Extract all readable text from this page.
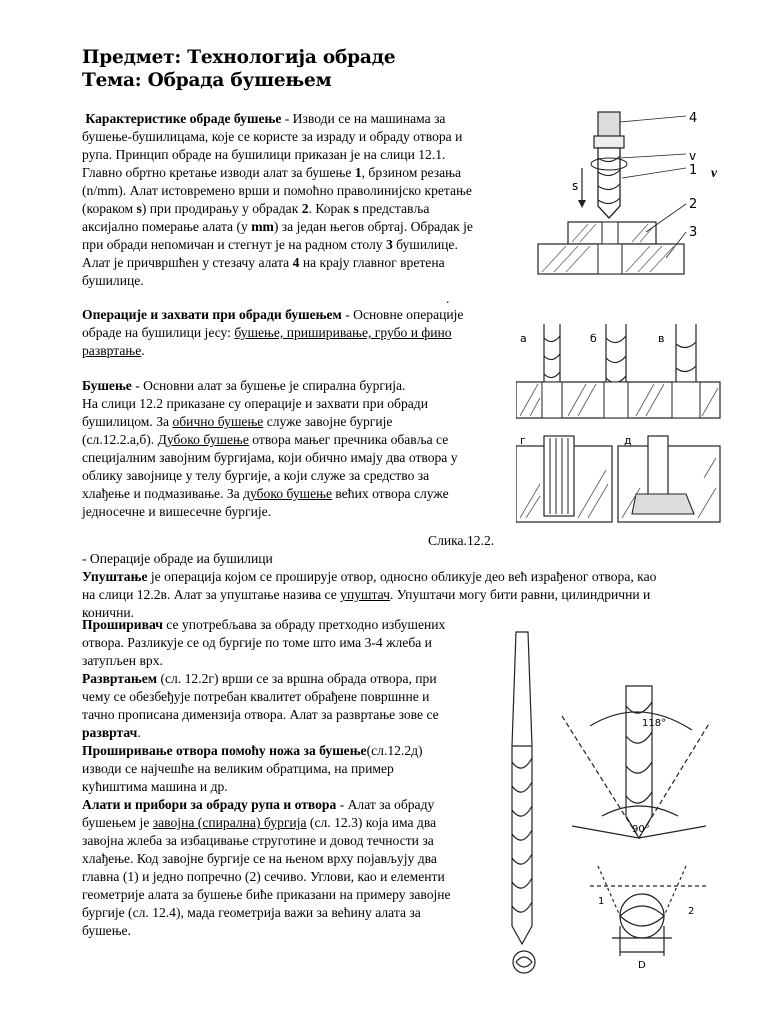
Предмет: Технологија обраде
Тема: Обрада бушењем
Карактеристике обраде бушење - Изводи се на машинама за
бушење-бушилицама, које се користе за израду и обраду отвора и
рупа. Принцип обраде на бушилици приказан је на слици 12.1.
Главно обртно кретање изводи алат за бушење 1, брзином резања
(n/mm). Алат истовремено врши и помоћно праволинијско кретање
(кораком s) при продирању у обрадак 2. Корак s представља
аксијално померање алата (у mm) за један његов обртај. Обрадак је
при обради непомичан и стегнут је на радном столу 3 бушилице.
Алат је причвршћен у стезачу алата 4 на крају главног вретена
бушилице.
v
.
s
4
v
1
2
3
Операције и захвати при обради бушењем - Основне операције
обраде на бушилици јесу: бушење, приширивање, грубо и фино
развртање.
Бушење - Основни алат за бушење је спирална бургија.
На слици 12.2 приказане су операције и захвати при обради
бушилицом. За обично бушење служе завојне бургије
(сл.12.2.а,б). Дубоко бушење отвора мањег пречника обавља се
специјалним завојним бургијама, који обично имају два отвора у
облику завојнице у телу бургије, а који служе за средство за
хлађење и подмазивање. За дубоко бушење већих отвора служе
једносечне и вишесечне бургије.
а	б	в
г	д
Слика.12.2.
- Операције обраде иа бушилици
Упуштање је операција којом се проширује отвор, односно обликује део већ израђеног отвора, као
на слици 12.2в. Алат за упуштање назива се упуштач. Упуштачи могу бити равни, цилиндрични и
конични.
Проширивач се употребљава за обраду претходно избушених
отвора. Разликује се од бургије по томе што има 3-4 жлеба и
затупљен врх.
Развртањем (сл. 12.2г) врши се за вршна обрада отвора, при
чему се обезбеђује потребан квалитет обрађене површнне и
тачно прописана димензија отвора. Алат за развртање зове се
развртач.
Проширивање отвора помоћу ножа за бушење(сл.12.2д)
изводи се најчешће на великим обратцима, на пример
кућиштима машина и др.
Алати и прибори за обраду рупа и отвора - Алат за обраду
бушењем је завојна (спирална) бургија (сл. 12.3) која има два
завојна жлеба за избацивање струготине и довод течности за
хлађење. Код завојне бургије се на њеном врху појављују два
главна (1) и једно попречно (2) сечиво. Углови, као и елементи
геометрије алата за бушење биће приказани на примеру завојне
бургије (сл. 12.4), мада геометрија важи за већину алата за
бушење.
118°
90°
1
2
D
